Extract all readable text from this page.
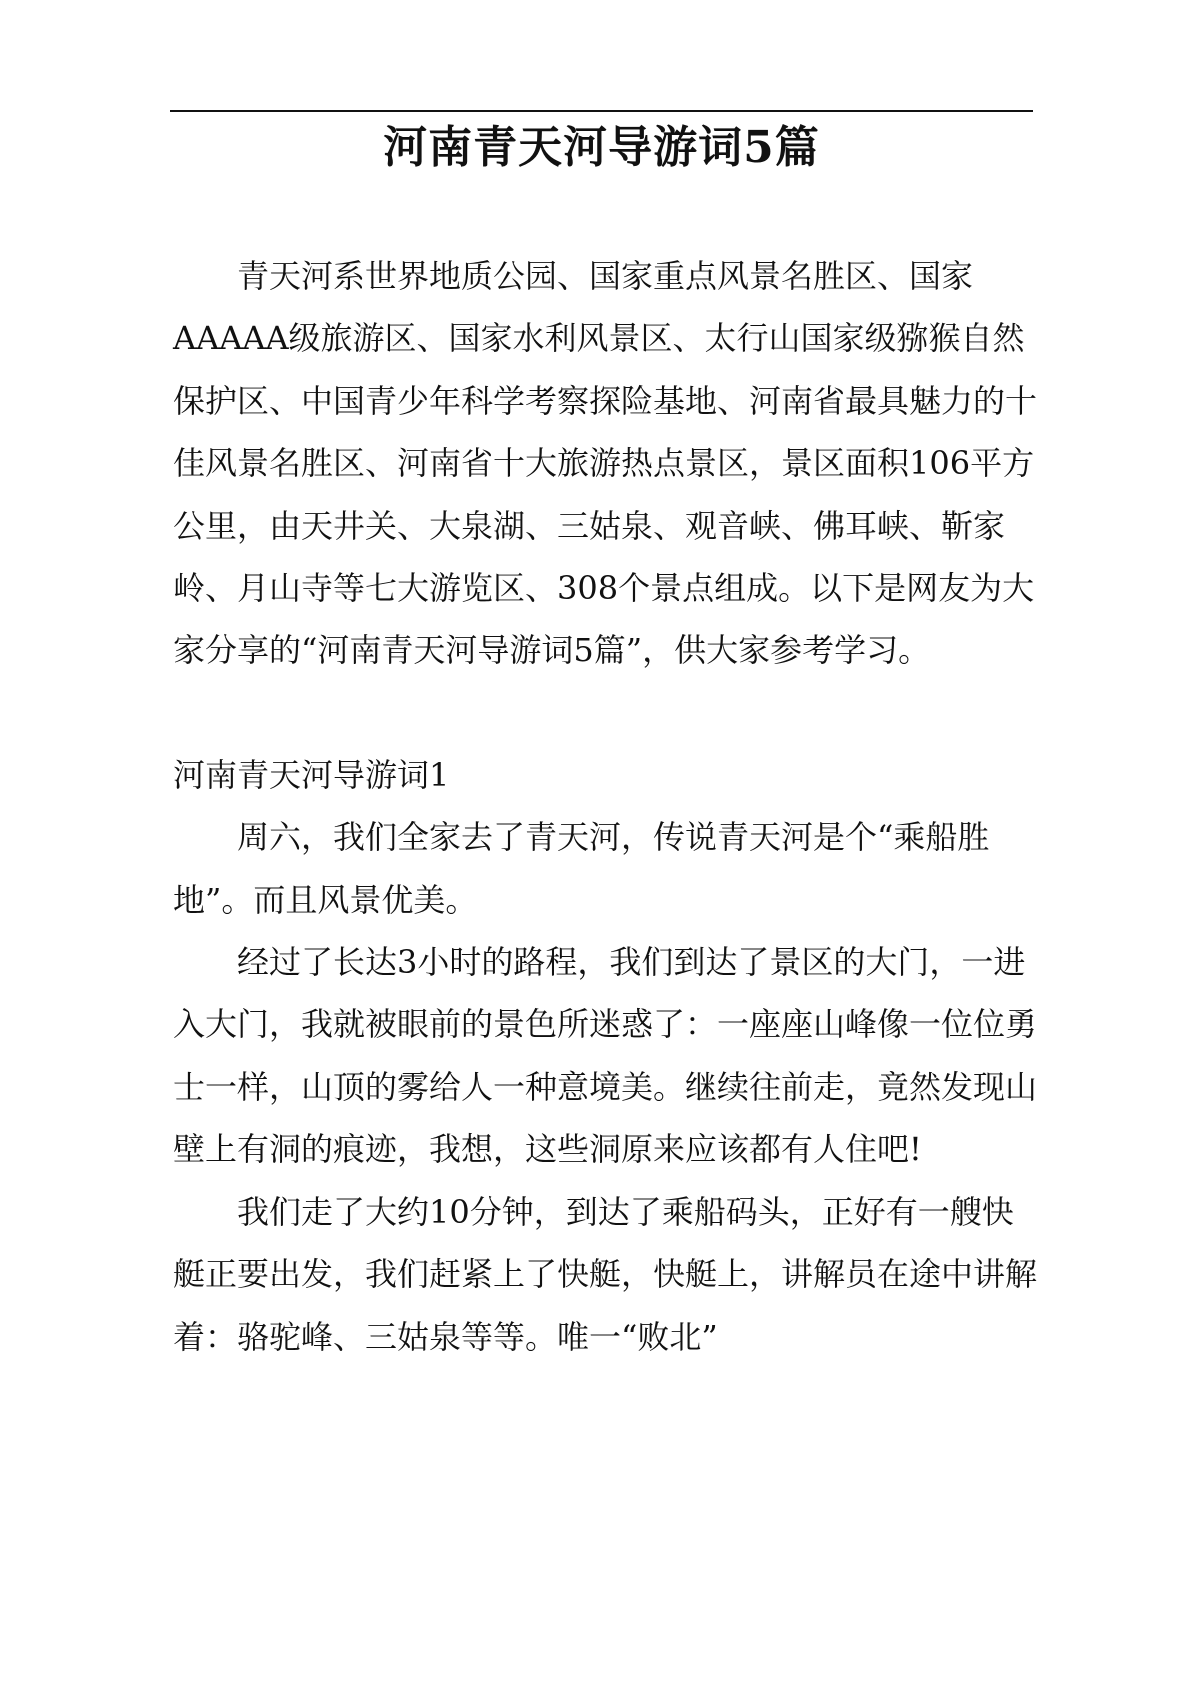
河南青天河导游词5篇

青天河系世界地质公园、国家重点风景名胜区、国家AAAAA级旅游区、国家水利风景区、太行山国家级猕猴自然保护区、中国青少年科学考察探险基地、河南省最具魅力的十佳风景名胜区、河南省十大旅游热点景区，景区面积106平方公里，由天井关、大泉湖、三姑泉、观音峡、佛耳峡、靳家岭、月山寺等七大游览区、308个景点组成。以下是网友为大家分享的“河南青天河导游词5篇”，供大家参考学习。

河南青天河导游词1

周六，我们全家去了青天河，传说青天河是个“乘船胜地”。而且风景优美。

经过了长达3小时的路程，我们到达了景区的大门，一进入大门，我就被眼前的景色所迷惑了：一座座山峰像一位位勇士一样，山顶的雾给人一种意境美。继续往前走，竟然发现山壁上有洞的痕迹，我想，这些洞原来应该都有人住吧!

我们走了大约10分钟，到达了乘船码头，正好有一艘快艇正要出发，我们赶紧上了快艇，快艇上，讲解员在途中讲解着：骆驼峰、三姑泉等等。唯一“败北”
